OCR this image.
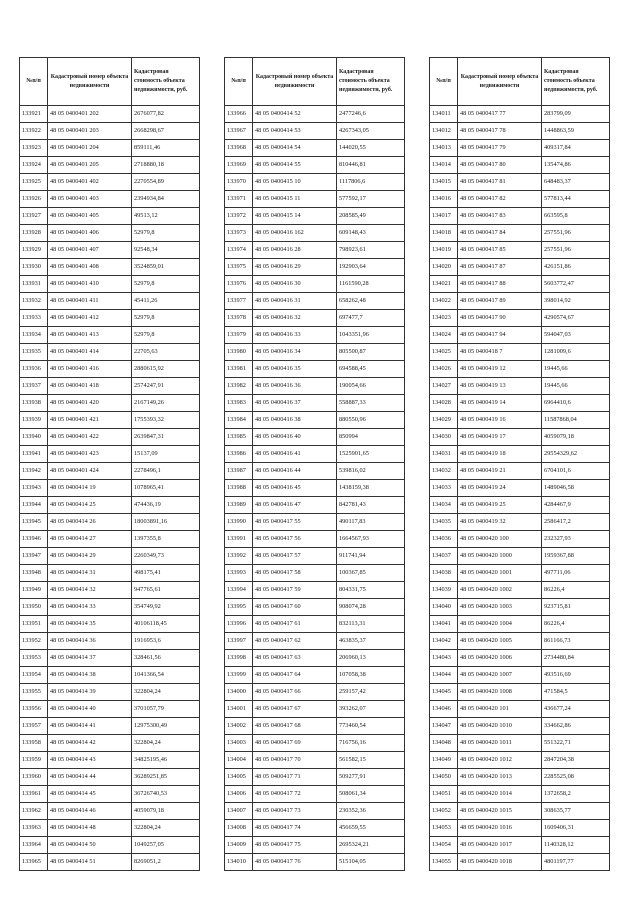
№п/п	Кадастровый номер объекта недвижимости	Кадастровая стоимость объекта недвижимости, руб.
133921	48 05 0400401 202	2676077,82
133922	48 05 0400401 203	2668298,67
133923	48 05 0400401 204	859111,46
133924	48 05 0400401 205	2718880,18
133925	48 05 0400401 402	2270554,89
133926	48 05 0400401 403	2394934,84
133927	48 05 0400401 405	49513,12
133928	48 05 0400401 406	52979,8
133929	48 05 0400401 407	92548,34
133930	48 05 0400401 408	3524859,01
133931	48 05 0400401 410	52979,8
133932	48 05 0400401 411	45411,26
133933	48 05 0400401 412	52979,8
133934	48 05 0400401 413	52979,8
133935	48 05 0400401 414	22705,63
133936	48 05 0400401 416	2880615,92
133937	48 05 0400401 418	2574247,91
133938	48 05 0400401 420	2167149,26
133939	48 05 0400401 421	1755393,32
133940	48 05 0400401 422	2639847,31
133941	48 05 0400401 423	15137,09
133942	48 05 0400401 424	2278496,1
133943	48 05 0400414 19	1078965,41
133944	48 05 0400414 25	474436,19
133945	48 05 0400414 26	18003891,16
133946	48 05 0400414 27	1397355,8
133947	48 05 0400414 29	2260349,73
133948	48 05 0400414 31	498175,41
133949	48 05 0400414 32	947765,61
133950	48 05 0400414 33	354749,92
133951	48 05 0400414 35	40106118,45
133952	48 05 0400414 36	1916953,6
133953	48 05 0400414 37	328461,56
133954	48 05 0400414 38	1041366,54
133955	48 05 0400414 39	322804,24
133956	48 05 0400414 40	3701057,79
133957	48 05 0400414 41	12975300,49
133958	48 05 0400414 42	322804,24
133959	48 05 0400414 43	34825195,46
133960	48 05 0400414 44	36289251,85
133961	48 05 0400414 45	36726740,53
133962	48 05 0400414 46	4059079,18
133963	48 05 0400414 48	322804,24
133964	48 05 0400414 50	1049257,05
133965	48 05 0400414 51	8269051,2
№п/п	Кадастровый номер объекта недвижимости	Кадастровая стоимость объекта недвижимости, руб.
133966	48 05 0400414 52	2477246,6
133967	48 05 0400414 53	4267343,05
133968	48 05 0400414 54	144020,55
133969	48 05 0400414 55	810446,81
133970	48 05 0400415 10	1117806,6
133971	48 05 0400415 11	577592,17
133972	48 05 0400415 14	208585,49
133973	48 05 0400416 162	609148,43
133974	48 05 0400416 28	798923,61
133975	48 05 0400416 29	192903,64
133976	48 05 0400416 30	1161590,28
133977	48 05 0400416 31	658262,48
133978	48 05 0400416 32	697477,7
133979	48 05 0400416 33	1043351,96
133980	48 05 0400416 34	805500,87
133981	48 05 0400416 35	694588,45
133982	48 05 0400416 36	190054,66
133983	48 05 0400416 37	558887,33
133984	48 05 0400416 38	880550,96
133985	48 05 0400416 40	850994
133986	48 05 0400416 41	1525901,65
133987	48 05 0400416 44	539816,02
133988	48 05 0400416 45	1438159,38
133989	48 05 0400416 47	842781,43
133990	48 05 0400417 55	490117,83
133991	48 05 0400417 56	1664567,93
133992	48 05 0400417 57	911741,94
133993	48 05 0400417 58	100367,85
133994	48 05 0400417 59	804331,75
133995	48 05 0400417 60	908074,28
133996	48 05 0400417 61	832113,31
133997	48 05 0400417 62	463835,37
133998	48 05 0400417 63	206960,13
133999	48 05 0400417 64	107058,38
134000	48 05 0400417 66	259157,42
134001	48 05 0400417 67	393262,07
134002	48 05 0400417 68	773460,54
134003	48 05 0400417 69	716756,16
134004	48 05 0400417 70	561582,15
134005	48 05 0400417 71	509277,91
134006	48 05 0400417 72	508061,34
134007	48 05 0400417 73	230352,36
134008	48 05 0400417 74	456659,55
134009	48 05 0400417 75	2695324,21
134010	48 05 0400417 76	515104,05
№п/п	Кадастровый номер объекта недвижимости	Кадастровая стоимость объекта недвижимости, руб.
134011	48 05 0400417 77	283799,09
134012	48 05 0400417 78	1448863,59
134013	48 05 0400417 79	409317,84
134014	48 05 0400417 80	135474,86
134015	48 05 0400417 81	648483,37
134016	48 05 0400417 82	577813,44
134017	48 05 0400417 83	663595,8
134018	48 05 0400417 84	257551,96
134019	48 05 0400417 85	257551,96
134020	48 05 0400417 87	426151,86
134021	48 05 0400417 88	5603772,47
134022	48 05 0400417 89	398014,92
134023	48 05 0400417 90	4290574,67
134024	48 05 0400417 94	594047,03
134025	48 05 0400418 7	1281009,6
134026	48 05 0400419 12	19445,66
134027	48 05 0400419 13	19445,66
134028	48 05 0400419 14	6964410,6
134029	48 05 0400419 16	11587868,04
134030	48 05 0400419 17	4059079,18
134031	48 05 0400419 18	29554329,62
134032	48 05 0400419 21	6704101,6
134033	48 05 0400419 24	1489046,58
134034	48 05 0400419 25	4284467,9
134035	48 05 0400419 32	2586417,2
134036	48 05 0400420 100	232327,93
134037	48 05 0400420 1000	1959367,88
134038	48 05 0400420 1001	497711,06
134039	48 05 0400420 1002	86226,4
134040	48 05 0400420 1003	923715,81
134041	48 05 0400420 1004	86226,4
134042	48 05 0400420 1005	861166,73
134043	48 05 0400420 1006	2734480,84
134044	48 05 0400420 1007	493516,69
134045	48 05 0400420 1008	471584,5
134046	48 05 0400420 101	436677,24
134047	48 05 0400420 1010	334662,86
134048	48 05 0400420 1011	551322,71
134049	48 05 0400420 1012	2847204,38
134050	48 05 0400420 1013	2285525,08
134051	48 05 0400420 1014	1372658,2
134052	48 05 0400420 1015	308635,77
134053	48 05 0400420 1016	1609406,31
134054	48 05 0400420 1017	1140328,12
134055	48 05 0400420 1018	4801197,77
